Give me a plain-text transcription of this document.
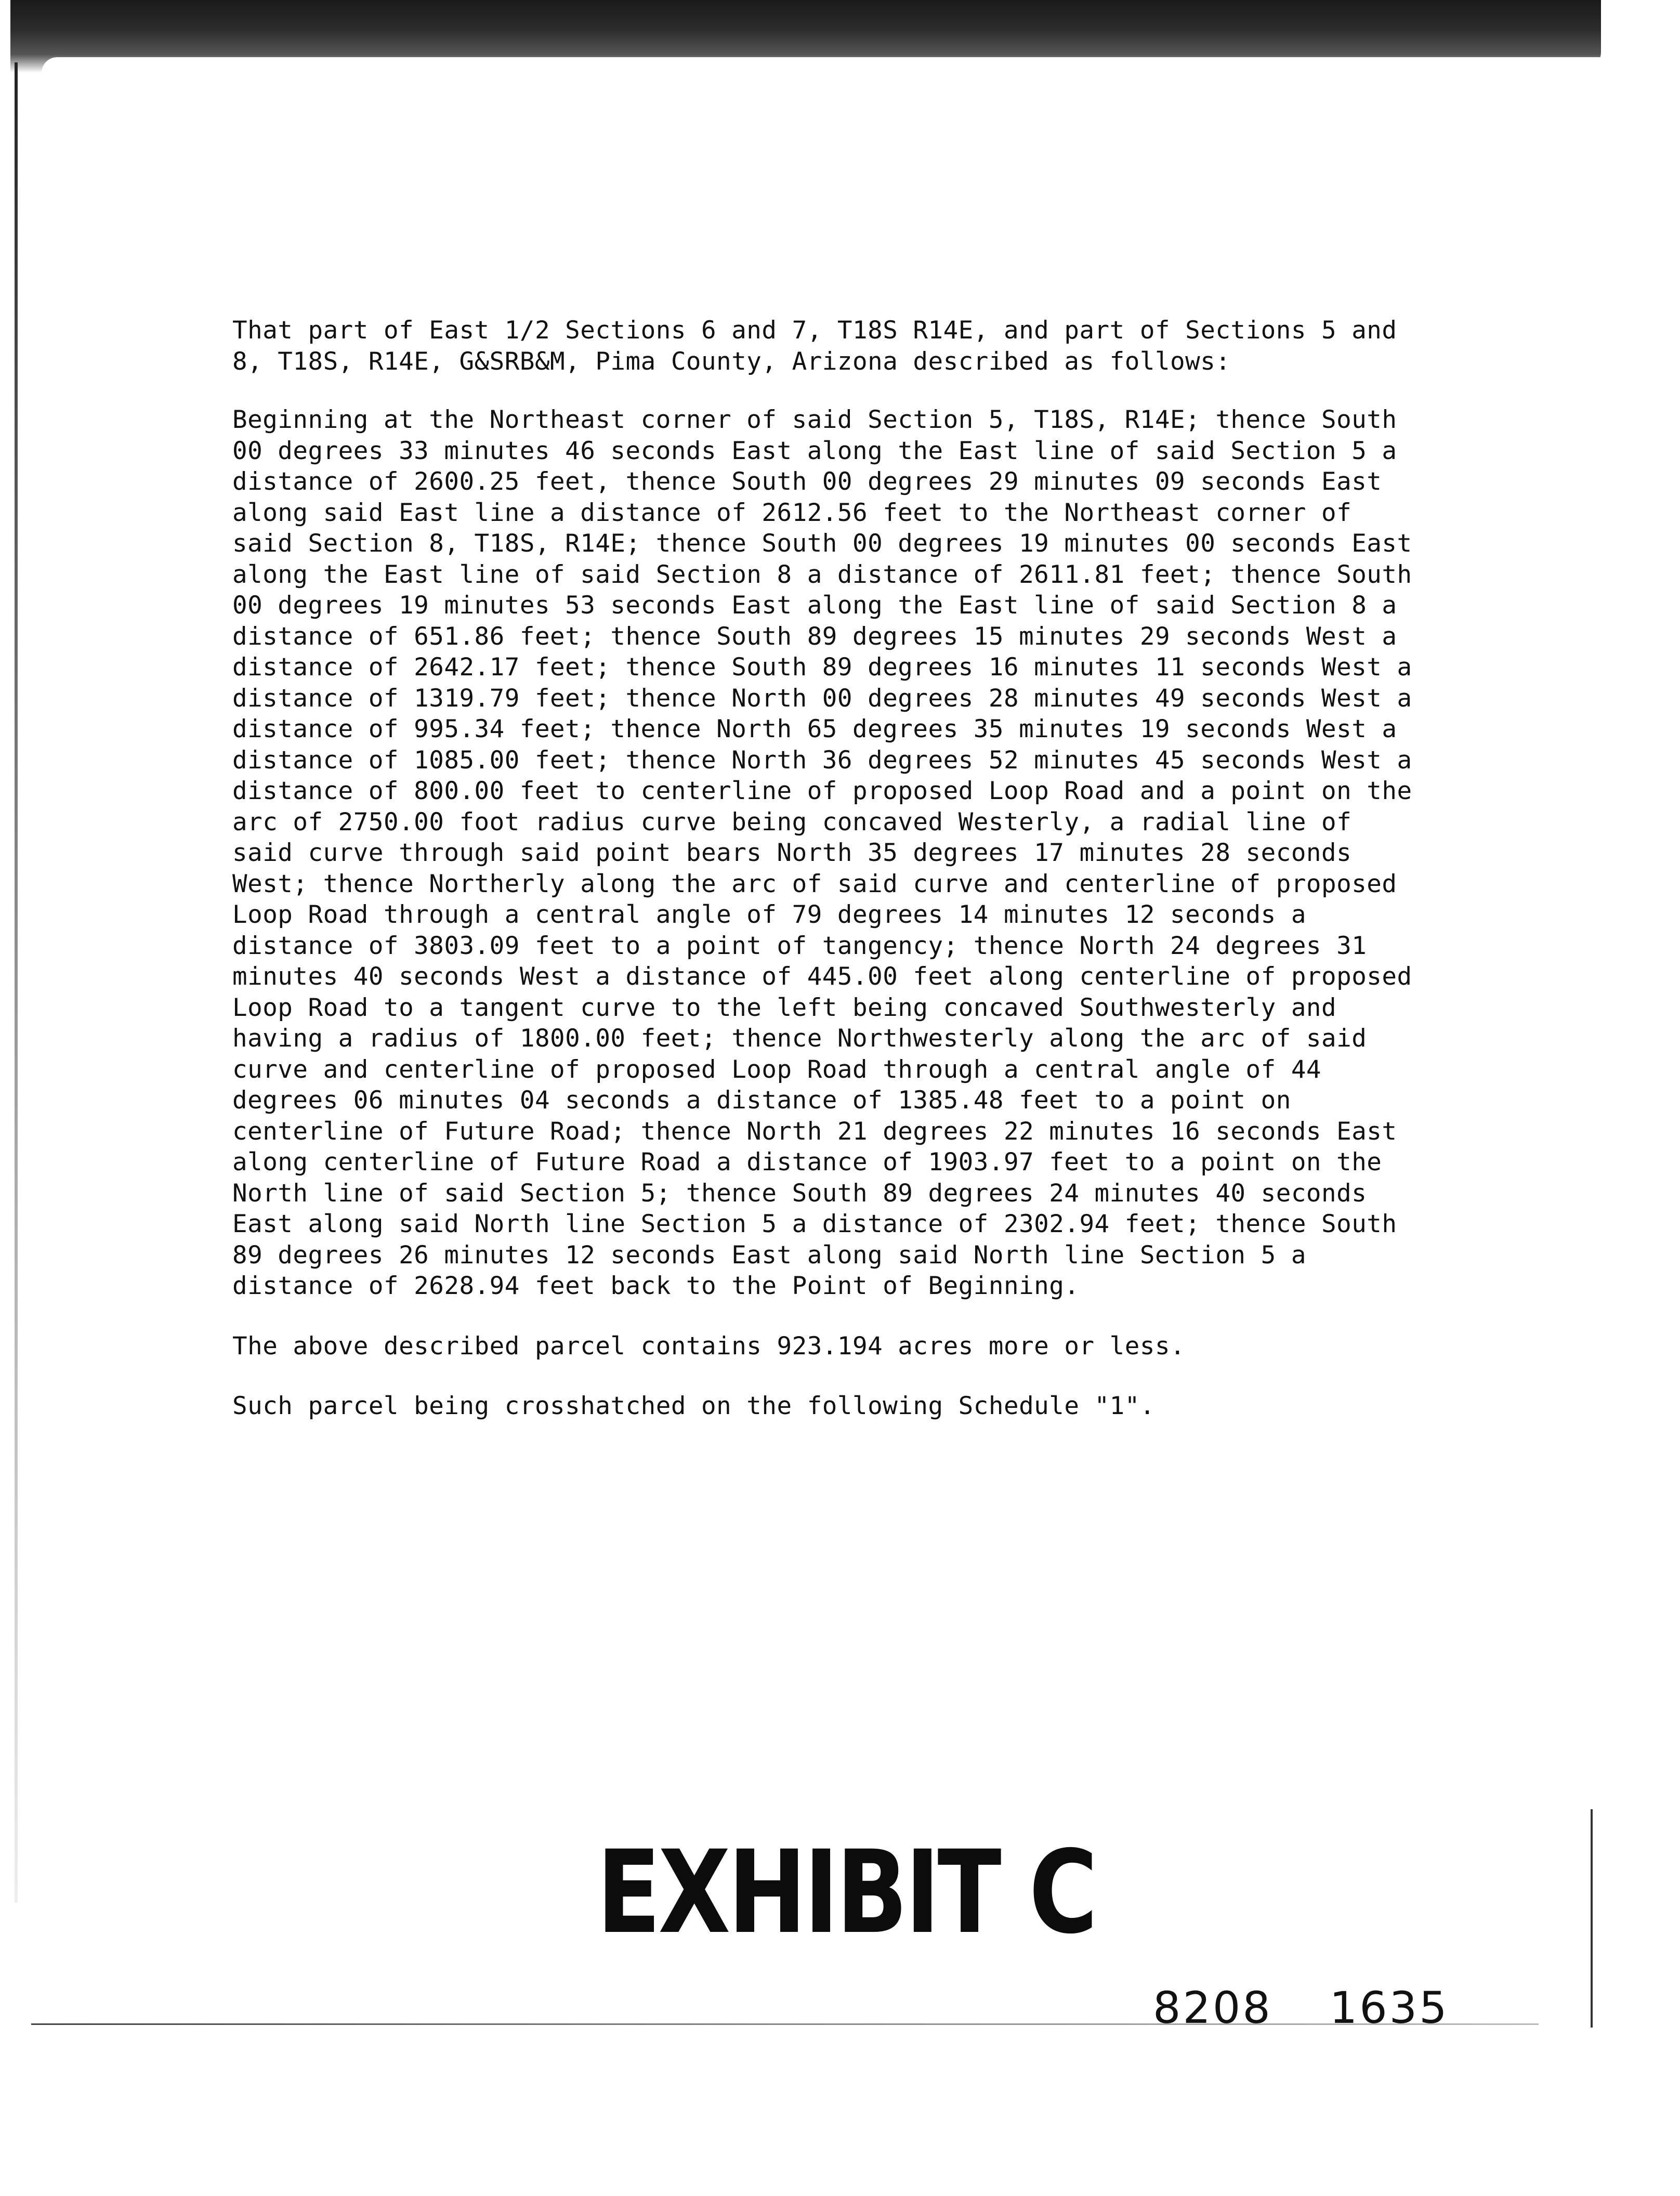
That part of East 1/2 Sections 6 and 7, T18S R14E, and part of Sections 5 and
8, T18S, R14E, G&SRB&M, Pima County, Arizona described as follows:
Beginning at the Northeast corner of said Section 5, T18S, R14E; thence South
00 degrees 33 minutes 46 seconds East along the East line of said Section 5 a
distance of 2600.25 feet, thence South 00 degrees 29 minutes 09 seconds East
along said East line a distance of 2612.56 feet to the Northeast corner of
said Section 8, T18S, R14E; thence South 00 degrees 19 minutes 00 seconds East
along the East line of said Section 8 a distance of 2611.81 feet; thence South
00 degrees 19 minutes 53 seconds East along the East line of said Section 8 a
distance of 651.86 feet; thence South 89 degrees 15 minutes 29 seconds West a
distance of 2642.17 feet; thence South 89 degrees 16 minutes 11 seconds West a
distance of 1319.79 feet; thence North 00 degrees 28 minutes 49 seconds West a
distance of 995.34 feet; thence North 65 degrees 35 minutes 19 seconds West a
distance of 1085.00 feet; thence North 36 degrees 52 minutes 45 seconds West a
distance of 800.00 feet to centerline of proposed Loop Road and a point on the
arc of 2750.00 foot radius curve being concaved Westerly, a radial line of
said curve through said point bears North 35 degrees 17 minutes 28 seconds
West; thence Northerly along the arc of said curve and centerline of proposed
Loop Road through a central angle of 79 degrees 14 minutes 12 seconds a
distance of 3803.09 feet to a point of tangency; thence North 24 degrees 31
minutes 40 seconds West a distance of 445.00 feet along centerline of proposed
Loop Road to a tangent curve to the left being concaved Southwesterly and
having a radius of 1800.00 feet; thence Northwesterly along the arc of said
curve and centerline of proposed Loop Road through a central angle of 44
degrees 06 minutes 04 seconds a distance of 1385.48 feet to a point on
centerline of Future Road; thence North 21 degrees 22 minutes 16 seconds East
along centerline of Future Road a distance of 1903.97 feet to a point on the
North line of said Section 5; thence South 89 degrees 24 minutes 40 seconds
East along said North line Section 5 a distance of 2302.94 feet; thence South
89 degrees 26 minutes 12 seconds East along said North line Section 5 a
distance of 2628.94 feet back to the Point of Beginning.
The above described parcel contains 923.194 acres more or less.
Such parcel being crosshatched on the following Schedule "1".
EXHIBIT C
8208 1635
